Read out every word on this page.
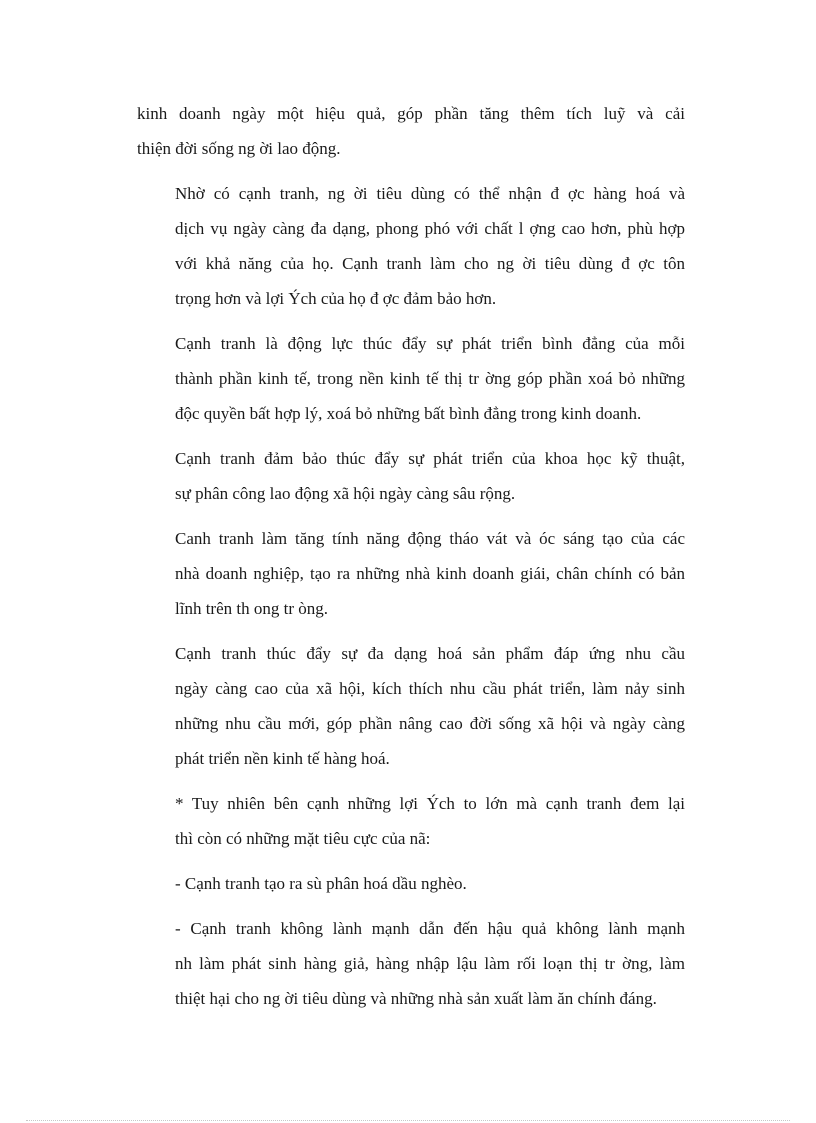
kinh doanh ngày một hiệu quả, góp phần tăng thêm tích luỹ và cải
thiện đời sống ng ời lao động.

Nhờ có cạnh tranh, ng ời tiêu dùng có thể nhận đ ợc hàng hoá và
dịch vụ ngày càng đa dạng, phong phó với chất l ợng cao hơn, phù hợp
với khả năng của họ. Cạnh tranh làm cho ng ời tiêu dùng đ ợc tôn
trọng hơn và lợi Ých của họ đ ợc đảm bảo hơn.

Cạnh tranh là động lực thúc đẩy sự phát triển bình đẳng của mỗi
thành phần kinh tế, trong nền kinh tế thị tr ờng góp phần xoá bỏ những
độc quyền bất hợp lý, xoá bỏ những bất bình đẳng trong kinh doanh.

Cạnh tranh đảm bảo thúc đẩy sự phát triển của khoa học kỹ thuật,
sự phân công lao động xã hội ngày càng sâu rộng.

Canh tranh làm tăng tính năng động tháo vát và óc sáng tạo của các
nhà doanh nghiệp, tạo ra những nhà kinh doanh giái, chân chính có bản
lĩnh trên th ong tr òng.

Cạnh tranh thúc đẩy sự đa dạng hoá sản phẩm đáp ứng nhu cầu
ngày càng cao của xã hội, kích thích nhu cầu phát triển, làm nảy sinh
những nhu cầu mới, góp phần nâng cao đời sống xã hội và ngày càng
phát triển nền kinh tế hàng hoá.

* Tuy nhiên bên cạnh những lợi Ých to lớn mà cạnh tranh đem lại
thì còn có những mặt tiêu cực của nã:

- Cạnh tranh tạo ra sù phân hoá dầu nghèo.

- Cạnh tranh không lành mạnh dẫn đến hậu quả không lành mạnh
nh làm phát sinh hàng giả, hàng nhập lậu làm rối loạn thị tr ờng, làm
thiệt hại cho ng ời tiêu dùng và những nhà sản xuất làm ăn chính đáng.
